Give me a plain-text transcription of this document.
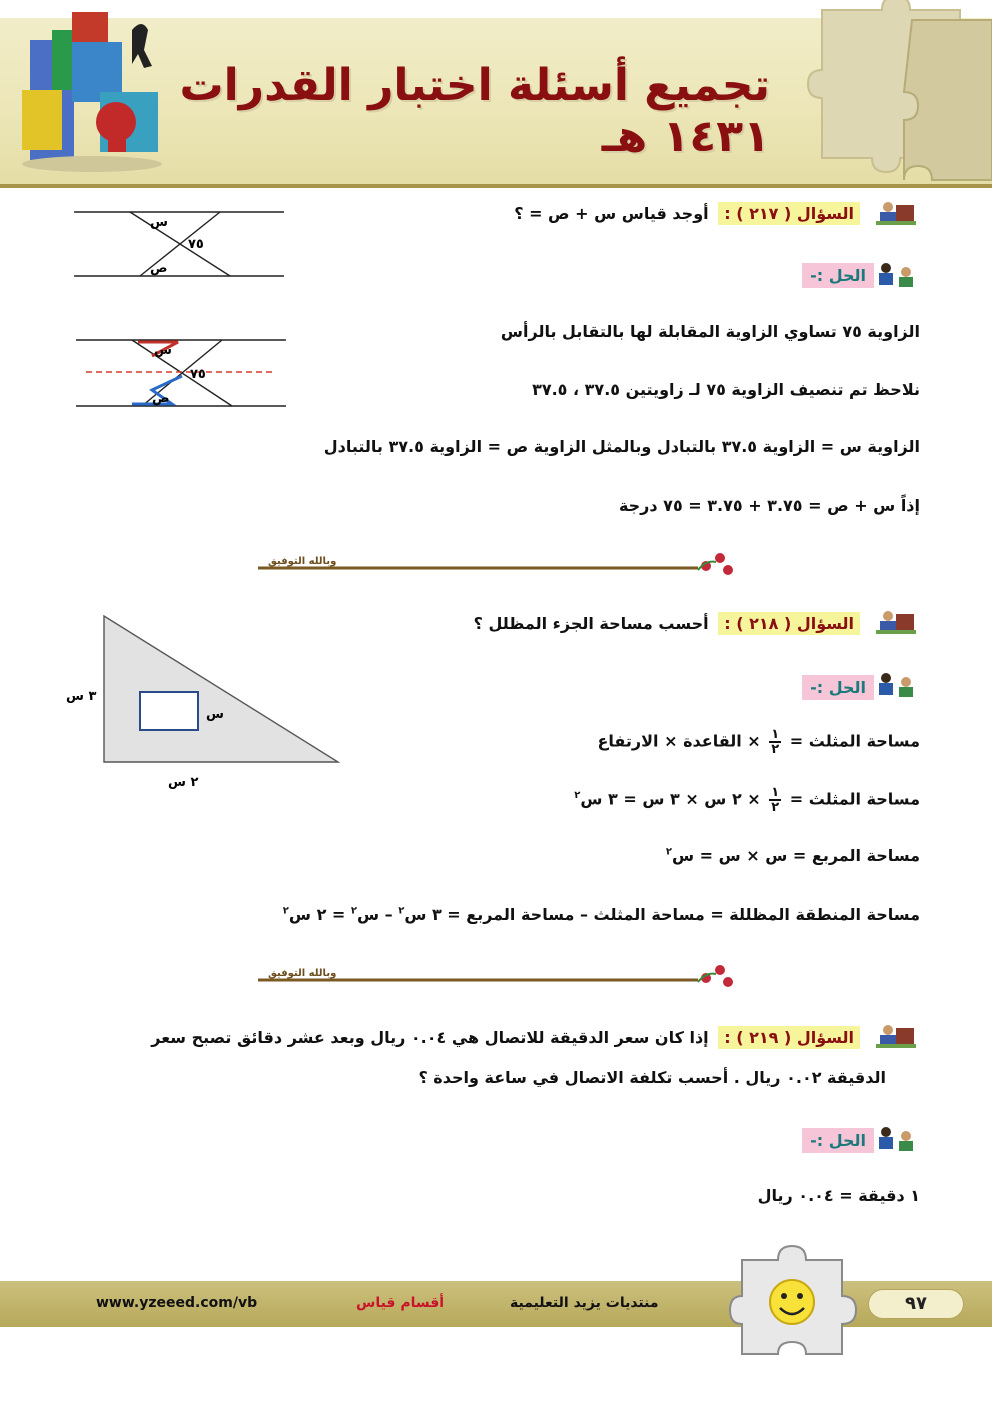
تجميع أسئلة اختبار القدرات ١٤٣١ هـ
السؤال ( ٢١٧ ) : أوجد قياس س + ص = ؟
س
٧٥
ص	الحل :-
س
٧٥
ص
الزاوية ٧٥ تساوي الزاوية المقابلة لها بالتقابل بالرأس
نلاحظ تم تنصيف الزاوية ٧٥ لـ زاويتين ٣٧.٥ ، ٣٧.٥
الزاوية س = الزاوية ٣٧.٥ بالتبادل وبالمثل الزاوية ص = الزاوية ٣٧.٥ بالتبادل
إذاً س + ص = ٣.٧٥ + ٣.٧٥ = ٧٥ درجة
وبالله التوفيق
السؤال ( ٢١٨ ) : أحسب مساحة الجزء المظلل ؟
٣ س
٢ س
س
الحل :-
مساحة المثلث =
$\frac{١}{٢}$
× القاعدة × الارتفاع
مساحة المثلث =
$\frac{١}{٢}$
× ٢ س × ٣ س = ٣ س$^٢$
مساحة المربع = س × س = س$^٢$
مساحة المنطقة المظللة = مساحة المثلث – مساحة المربع = ٣ س$^٢$ – س$^٢$ = ٢ س$^٢$
وبالله التوفيق
السؤال ( ٢١٩ ) : إذا كان سعر الدقيقة للاتصال هي ٠.٠٤ ريال وبعد عشر دقائق تصبح سعر
الدقيقة ٠.٠٢ ريال . أحسب تكلفة الاتصال في ساعة واحدة ؟
الحل :-
١ دقيقة = ٠.٠٤ ريال
٩٧
منتديات يزيد التعليمية
أقسام قياس
www.yzeeed.com/vb
